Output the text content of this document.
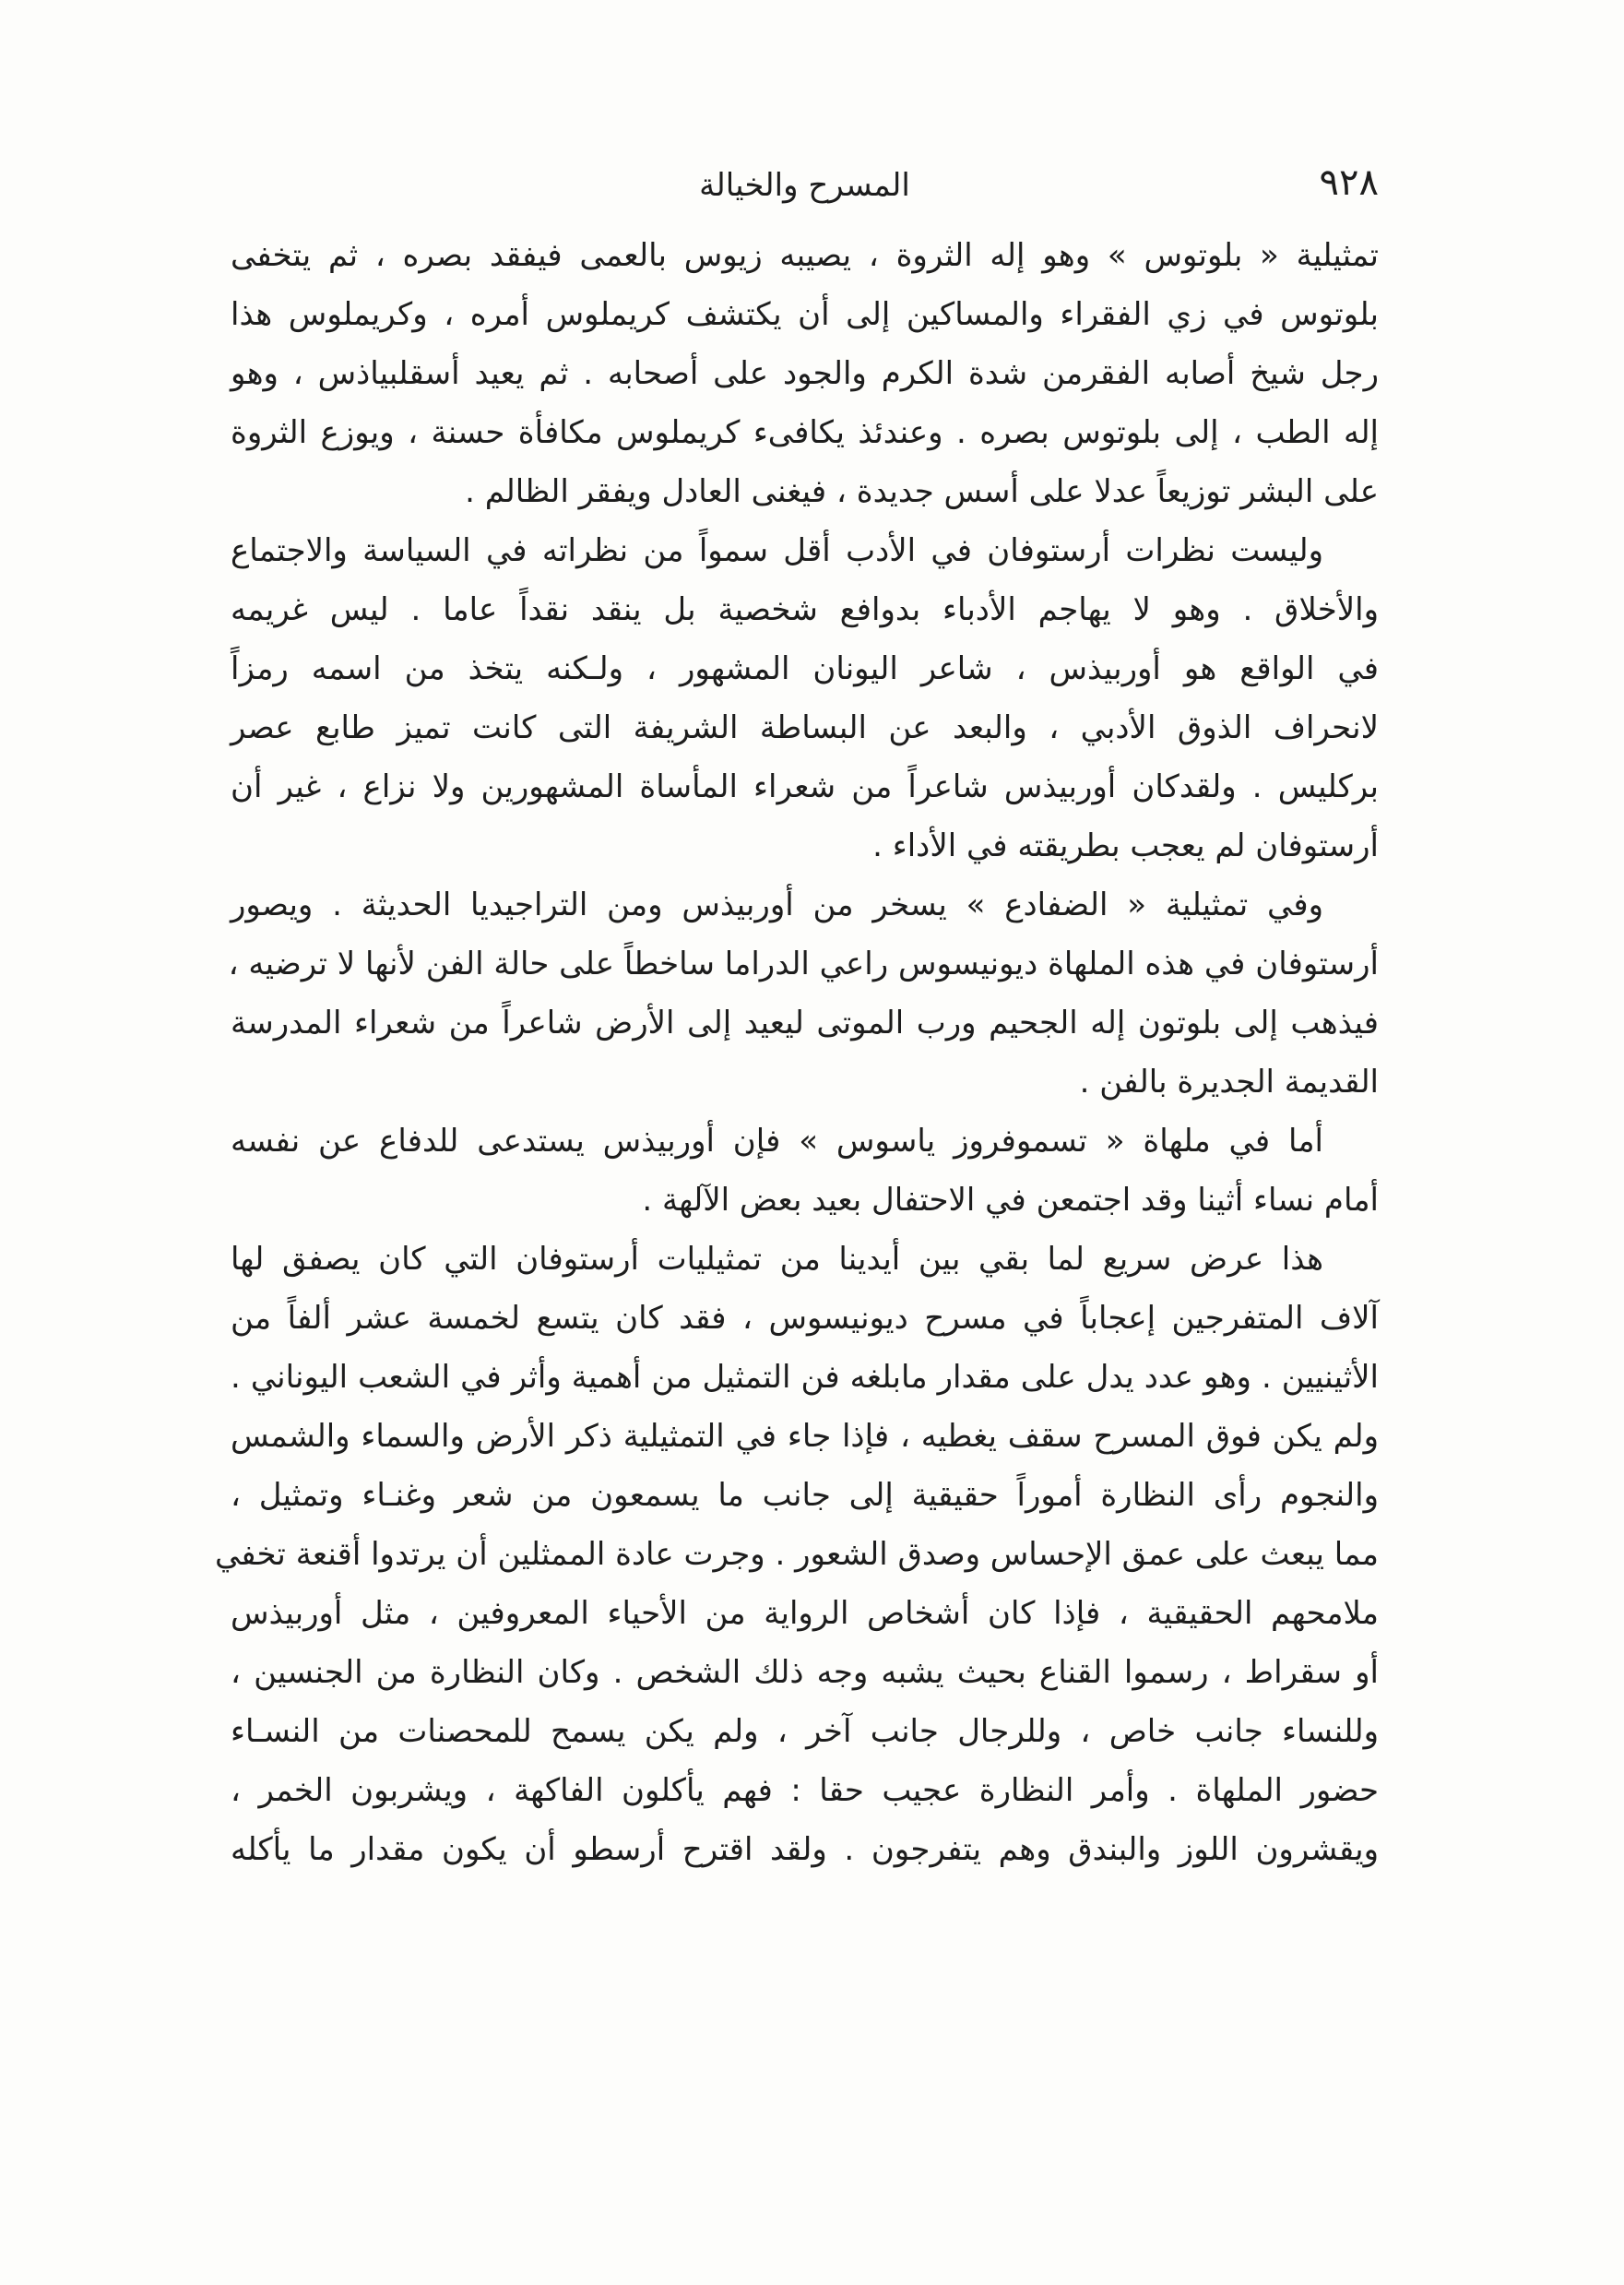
٩٢٨
المسرح والخيالة
تمثيلية « بلوتوس » وهو إله الثروة ، يصيبه زيوس بالعمى فيفقد بصره ، ثم يتخفى
بلوتوس في زي الفقراء والمساكين إلى أن يكتشف كريملوس أمره ، وكريملوس هذا
رجل شيخ أصابه الفقرمن شدة الكرم والجود على أصحابه . ثم يعيد أسقلبياذس ، وهو
إله الطب ، إلى بلوتوس بصره . وعندئذ يكافىء كريملوس مكافأة حسنة ، ويوزع الثروة
على البشر توزيعاً عدلا على أسس جديدة ، فيغنى العادل ويفقر الظالم .
وليست نظرات أرستوفان في الأدب أقل سمواً من نظراته في السياسة والاجتماع
والأخلاق . وهو لا يهاجم الأدباء بدوافع شخصية بل ينقد نقداً عاما . ليس غريمه
في الواقع هو أوربيذس ، شاعر اليونان المشهور ، ولـكنه يتخذ من اسمه رمزاً
لانحراف الذوق الأدبي ، والبعد عن البساطة الشريفة التى كانت تميز طابع عصر
بركليس . ولقدكان أوربيذس شاعراً من شعراء المأساة المشهورين ولا نزاع ، غير أن
أرستوفان لم يعجب بطريقته في الأداء .
وفي تمثيلية « الضفادع » يسخر من أوربيذس ومن التراجيديا الحديثة . ويصور
أرستوفان في هذه الملهاة ديونيسوس راعي الدراما ساخطاً على حالة الفن لأنها لا ترضيه ،
فيذهب إلى بلوتون إله الجحيم ورب الموتى ليعيد إلى الأرض شاعراً من شعراء المدرسة
القديمة الجديرة بالفن .
أما في ملهاة « تسموفروز ياسوس » فإن أوربيذس يستدعى للدفاع عن نفسه
أمام نساء أثينا وقد اجتمعن في الاحتفال بعيد بعض الآلهة .
هذا عرض سريع لما بقي بين أيدينا من تمثيليات أرستوفان التي كان يصفق لها
آلاف المتفرجين إعجاباً في مسرح ديونيسوس ، فقد كان يتسع لخمسة عشر ألفاً من
الأثينيين . وهو عدد يدل على مقدار مابلغه فن التمثيل من أهمية وأثر في الشعب اليوناني .
ولم يكن فوق المسرح سقف يغطيه ، فإذا جاء في التمثيلية ذكر الأرض والسماء والشمس
والنجوم رأى النظارة أموراً حقيقية إلى جانب ما يسمعون من شعر وغنـاء وتمثيل ،
مما يبعث على عمق الإحساس وصدق الشعور . وجرت عادة الممثلين أن يرتدوا أقنعة تخفي
ملامحهم الحقيقية ، فإذا كان أشخاص الرواية من الأحياء المعروفين ، مثل أوربيذس
أو سقراط ، رسموا القناع بحيث يشبه وجه ذلك الشخص . وكان النظارة من الجنسين ،
وللنساء جانب خاص ، وللرجال جانب آخر ، ولم يكن يسمح للمحصنات من النسـاء
حضور الملهاة . وأمر النظارة عجيب حقا : فهم يأكلون الفاكهة ، ويشربون الخمر ،
ويقشرون اللوز والبندق وهم يتفرجون . ولقد اقترح أرسطو أن يكون مقدار ما يأكله
